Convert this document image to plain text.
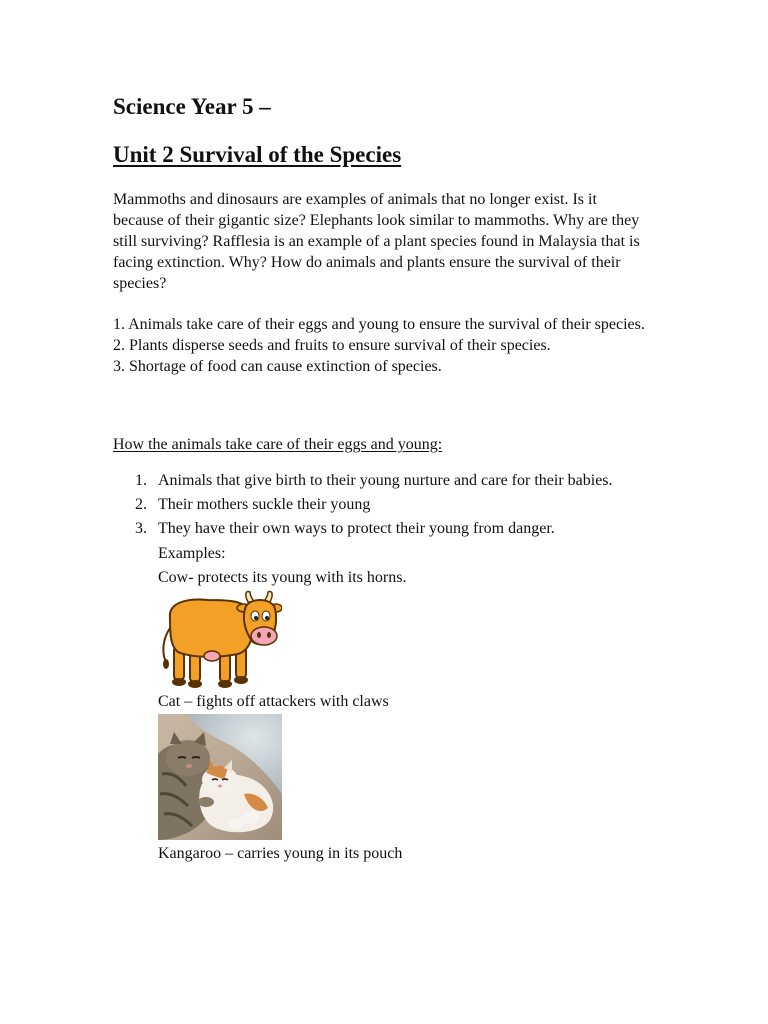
Science Year 5 –
Unit 2 Survival of the Species

Mammoths and dinosaurs are examples of animals that no longer exist. Is it because of their gigantic size? Elephants look similar to mammoths. Why are they still surviving? Rafflesia is an example of a plant species found in Malaysia that is facing extinction. Why? How do animals and plants ensure the survival of their species?

1. Animals take care of their eggs and young to ensure the survival of their species.
2. Plants disperse seeds and fruits to ensure survival of their species.
3. Shortage of food can cause extinction of species.
How the animals take care of their eggs and young:
1. Animals that give birth to their young nurture and care for their babies.
2. Their mothers suckle their young
3. They have their own ways to protect their young from danger.

Examples:

Cow- protects its young with its horns.

Cat – fights off attackers with claws

Kangaroo – carries young in its pouch
